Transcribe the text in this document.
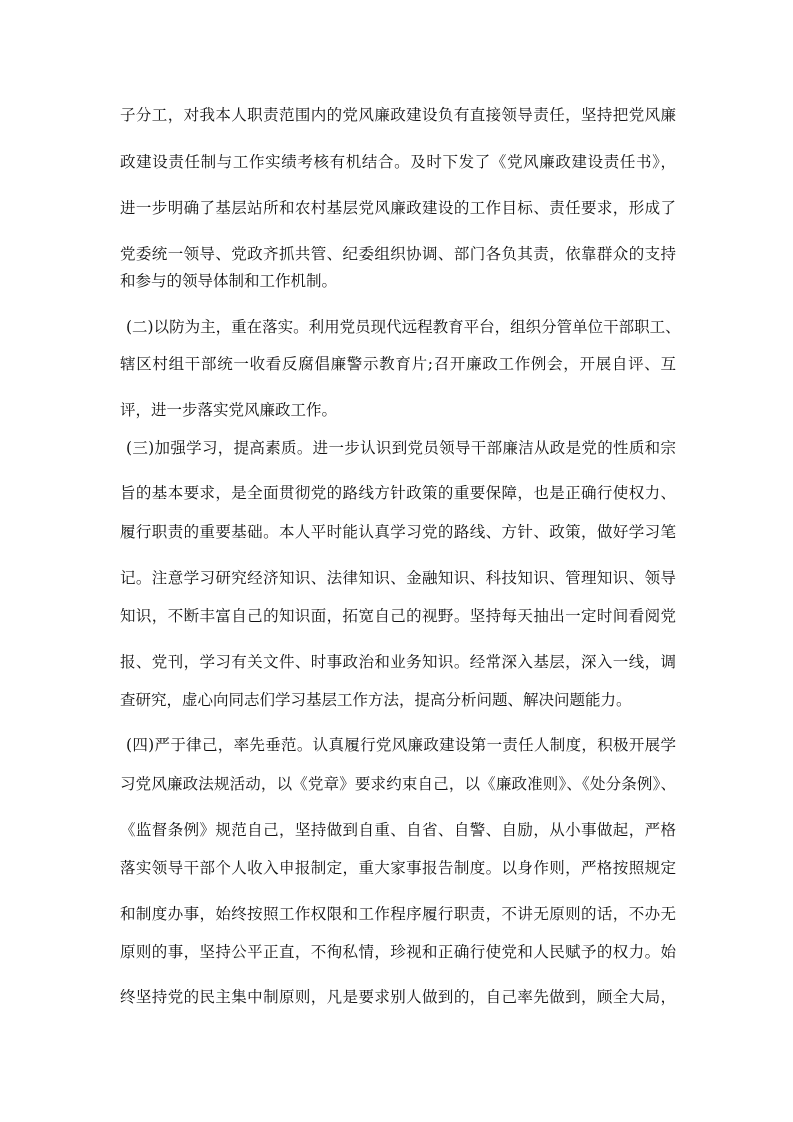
子分工，对我本人职责范围内的党风廉政建设负有直接领导责任，坚持把党风廉
政建设责任制与工作实绩考核有机结合。及时下发了《党风廉政建设责任书》，
进一步明确了基层站所和农村基层党风廉政建设的工作目标、责任要求，形成了
党委统一领导、党政齐抓共管、纪委组织协调、部门各负其责，依靠群众的支持
和参与的领导体制和工作机制。
(二)以防为主，重在落实。利用党员现代远程教育平台，组织分管单位干部职工、
辖区村组干部统一收看反腐倡廉警示教育片;召开廉政工作例会，开展自评、互
评，进一步落实党风廉政工作。
(三)加强学习，提高素质。进一步认识到党员领导干部廉洁从政是党的性质和宗
旨的基本要求，是全面贯彻党的路线方针政策的重要保障，也是正确行使权力、
履行职责的重要基础。本人平时能认真学习党的路线、方针、政策，做好学习笔
记。注意学习研究经济知识、法律知识、金融知识、科技知识、管理知识、领导
知识，不断丰富自己的知识面，拓宽自己的视野。坚持每天抽出一定时间看阅党
报、党刊，学习有关文件、时事政治和业务知识。经常深入基层，深入一线，调
查研究，虚心向同志们学习基层工作方法，提高分析问题、解决问题能力。
(四)严于律己，率先垂范。认真履行党风廉政建设第一责任人制度，积极开展学
习党风廉政法规活动，以《党章》要求约束自己，以《廉政准则》、《处分条例》、
《监督条例》规范自己，坚持做到自重、自省、自警、自励，从小事做起，严格
落实领导干部个人收入申报制定，重大家事报告制度。以身作则，严格按照规定
和制度办事，始终按照工作权限和工作程序履行职责，不讲无原则的话，不办无
原则的事，坚持公平正直，不徇私情，珍视和正确行使党和人民赋予的权力。始
终坚持党的民主集中制原则，凡是要求别人做到的，自己率先做到，顾全大局，
